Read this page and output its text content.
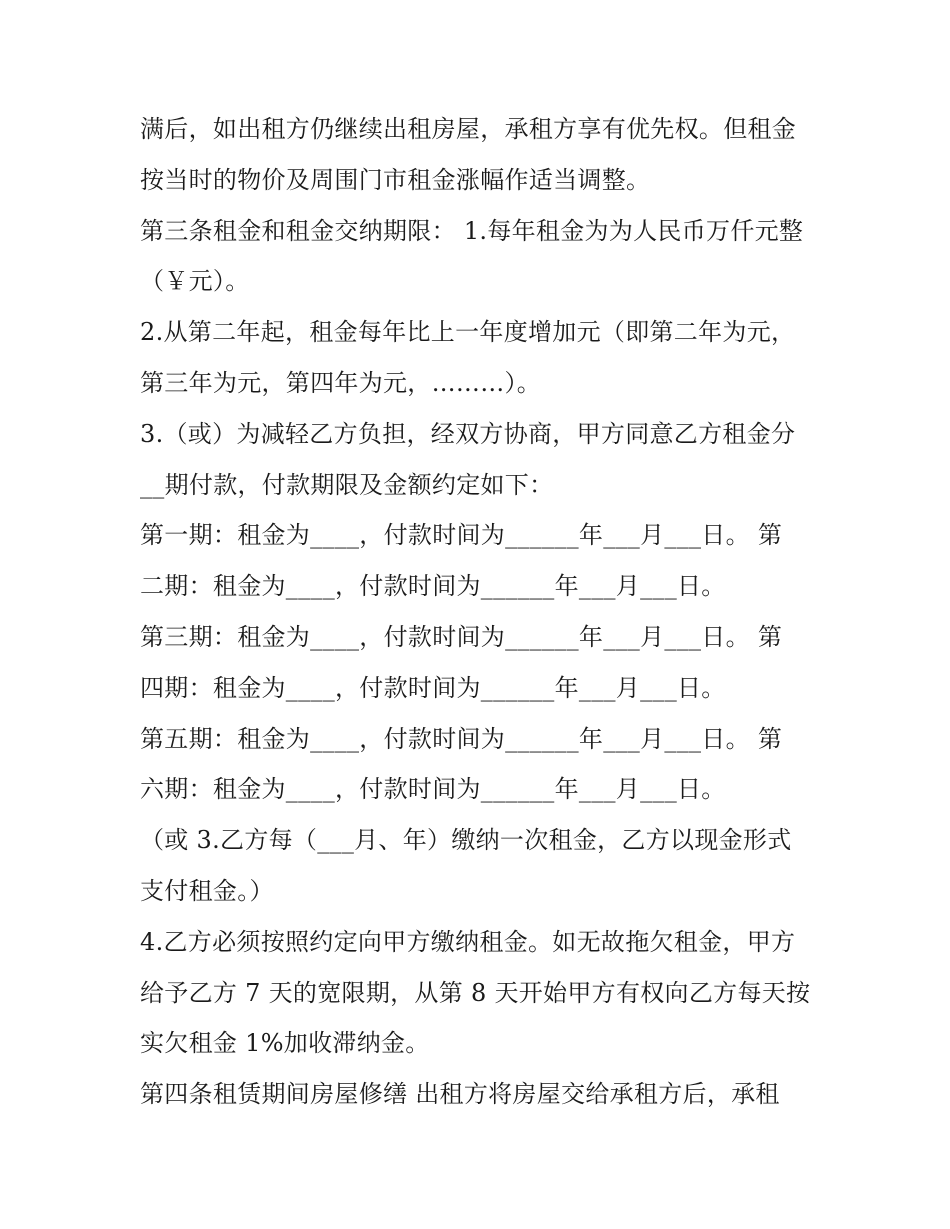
满后，如出租方仍继续出租房屋，承租方享有优先权。但租金
按当时的物价及周围门市租金涨幅作适当调整。
第三条租金和租金交纳期限： 1.每年租金为为人民币万仟元整
（￥元）。
2.从第二年起，租金每年比上一年度增加元（即第二年为元，
第三年为元，第四年为元，………）。
3.（或）为减轻乙方负担，经双方协商，甲方同意乙方租金分
__期付款，付款期限及金额约定如下：
第一期：租金为____，付款时间为______年___月___日。 第
二期：租金为____，付款时间为______年___月___日。
第三期：租金为____，付款时间为______年___月___日。 第
四期：租金为____，付款时间为______年___月___日。
第五期：租金为____，付款时间为______年___月___日。 第
六期：租金为____，付款时间为______年___月___日。
（或 3.乙方每（___月、年）缴纳一次租金，乙方以现金形式
支付租金。）
4.乙方必须按照约定向甲方缴纳租金。如无故拖欠租金，甲方
给予乙方 7 天的宽限期，从第 8 天开始甲方有权向乙方每天按
实欠租金 1%加收滞纳金。
第四条租赁期间房屋修缮 出租方将房屋交给承租方后，承租
